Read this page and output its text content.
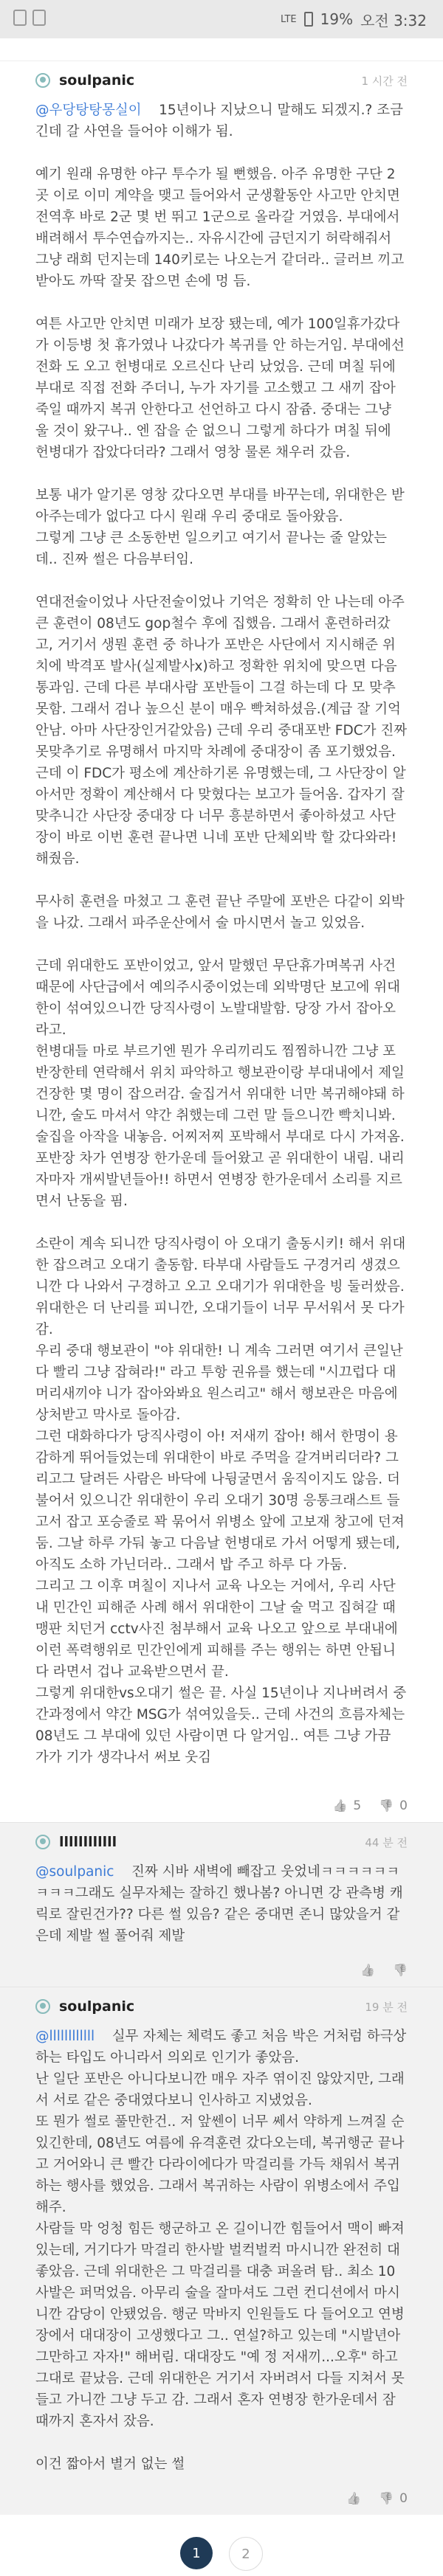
LTE 19% 오전 3:32
soulpanic	1 시간 전

@우당탕탕몽실이 15년이나 지났으니 말해도 되겠지.? 조금 긴데 갈 사연을 들어야 이해가 됨.

예기 원래 유명한 야구 투수가 될 뻔했음. 아주 유명한 구단 2곳 이로 이미 계약을 맺고 들어와서 군생활동안 사고만 안치면 전역후 바로 2군 몇 번 뛰고 1군으로 올라갈 거였음. 부대에서 배려해서 투수연습까지는.. 자유시간에 금던지기 허락해줘서 그냥 래희 던지는데 140키로는 나오는거 같더라.. 글러브 끼고 받아도 까딱 잘못 잡으면 손에 멍 듬.

여튼 사고만 안치면 미래가 보장 됐는데, 예가 100일휴가갔다가 이등병 첫 휴가였나 나갔다가 복귀를 안 하는거임. 부대에선 전화 도 오고 헌병대로 오르신다 난리 났었음. 근데 며칠 뒤에 부대로 직접 전화 주더니, 누가 자기를 고소했고 그 새끼 잡아죽일 때까지 복귀 안한다고 선언하고 다시 잠쥼. 중대는 그냥 울 것이 왔구나.. 엔 잡을 순 없으니 그렇게 하다가 며칠 뒤에 헌병대가 잡았다더라? 그래서 영창 물론 채우러 갔음.

보통 내가 알기론 영창 갔다오면 부대를 바꾸는데, 위대한은 받아주는데가 없다고 다시 원래 우리 중대로 돌아왔음.

그렇게 그냥 큰 소동한번 일으키고 여기서 끝나는 줄 알았는데.. 진짜 썰은 다음부터임.

연대전술이었나 사단전술이었나 기억은 정확히 안 나는데 아주 큰 훈련이 08년도 gop철수 후에 집했음. 그래서 훈련하러갔고, 거기서 생뭔 훈련 중 하나가 포반은 사단에서 지시해준 위치에 박격포 발사(실제발사x)하고 정확한 위치에 맞으면 다음 통과임. 근데 다른 부대사람 포반들이 그걸 하는데 다 모 맞추 못함. 그래서 검나 높으신 분이 매우 빡쳐하셨음.(계급 잘 기억안남. 아마 사단장인거같았음) 근데 우리 중대포반 FDC가 진짜 못맞추기로 유명해서 마지막 차례에 중대장이 좀 포기했었음. 근데 이 FDC가 평소에 계산하기론 유명했는데, 그 사단장이 알아서만 정확이 계산해서 다 맞혔다는 보고가 들어옴. 갑자기 잘 맞추니간 사단장 중대장 다 너무 흥분하면서 좋아하셨고 사단장이 바로 이번 훈련 끝나면 니네 포반 단체외박 할 갔다와라! 해줬음.

무사히 훈련을 마쳤고 그 훈련 끝난 주말에 포반은 다같이 외박을 나갔. 그래서 파주운산에서 술 마시면서 놀고 있었음.

근데 위대한도 포반이었고, 앞서 말했던 무단휴가며복귀 사건때문에 사단급에서 예의주시중이었는데 외박명단 보고에 위대한이 섞여있으니깐 당직사령이 노발대발함. 당장 가서 잡아오라고.

헌병대들 마로 부르기엔 뭔가 우리끼리도 찜찜하니깐 그냥 포반장한테 연락해서 위치 파악하고 행보관이랑 부대내에서 제일 건장한 몇 명이 잡으러감. 술집거서 위대한 너만 복귀해야돼 하니깐, 술도 마셔서 약간 취했는데 그런 말 들으니깐 빡치니봐. 술집을 아작을 내놓음. 어찌저찌 포박해서 부대로 다시 가져옴. 포반장 차가 연병장 한가운데 들어왔고 곧 위대한이 내림. 내리자마자 개씨발년들아!! 하면서 연병장 한가운데서 소리를 지르면서 난동을 핌.

소란이 계속 되니깐 당직사령이 아 오대기 출동시키! 해서 위대한 잡으려고 오대기 출동함. 타부대 사람들도 구경거리 생겼으니깐 다 나와서 구경하고 오고 오대기가 위대한을 빙 둘러쌌음. 위대한은 더 난리를 피니깐, 오대기들이 너무 무서워서 못 다가감.

우리 중대 행보관이 "야 위대한! 니 계속 그러면 여기서 큰일난다 빨리 그냥 잡혀라!" 라고 투항 권유를 했는데 "시끄럽다 대머리새끼야 니가 잡아와봐요 원스리고" 해서 행보관은 마음에 상처받고 막사로 돌아감.

그런 대화하다가 당직사령이 아! 저새끼 잡아! 해서 한명이 용감하게 뛰어들었는데 위대한이 바로 주먹을 갈겨버리더라? 그리고그 달려든 사람은 바닥에 나뒹굴면서 움직이지도 않음. 더 불어서 있으니간 위대한이 우리 오대기 30명 응통크래스트 들고서 잡고 포승줄로 꽉 묶어서 위병소 앞에 고보재 창고에 던져둠. 그날 하루 가둬 놓고 다음날 헌병대로 가서 어떻게 됐는데, 아직도 소하 가닌더라.. 그래서 밥 주고 하루 다 가둠.

그리고 그 이후 며칠이 지나서 교육 나오는 거에서, 우리 사단 내 민간인 피해준 사례 해서 위대한이 그날 술 먹고 집혀갈 때 맹판 치던거 cctv사진 첨부해서 교육 나오고 앞으로 부대내에 이런 폭력행위로 민간인에게 피해를 주는 행위는 하면 안됩니다 라면서 겁나 교육받으면서 끝.

그렇게 위대한vs오대기 썰은 끝. 사실 15년이나 지나버려서 중간과정에서 약간 MSG가 섞여있을듯.. 근데 사건의 흐름자체는 08년도 그 부대에 있던 사람이면 다 알거임.. 여튼 그냥 가끔 가가 기가 생각나서 써보 웃김

👍
5
👎	0
llllllllllll	44 분 전

@soulpanic 진짜 시바 새벽에 빼잡고 웃었네ㅋㅋㅋㅋㅋㅋㅋㅋㅋ그래도 실무자체는 잘하긴 했나봄? 아니면 강 관측병 캐릭로 잘린건가?? 다른 썰 있음? 같은 중대면 존니 많았을거 같은데 제발 썰 풀어줘 제발

👍
👎
soulpanic	19 분 전

@llllllllllll 실무 자체는 체력도 좋고 처음 박은 거처럼 하극상하는 타입도 아니라서 의외로 인기가 좋았음.

난 일단 포반은 아니다보니깐 매우 자주 엮이진 않았지만, 그래서 서로 같은 중대였다보니 인사하고 지냈었음.

또 뭔가 썰로 풀만한건.. 저 앞쎈이 너무 쎄서 약하게 느껴질 순 있긴한데, 08년도 여름에 유격훈련 갔다오는데, 복귀행군 끝나고 거어와니 큰 빨간 다라이에다가 막걸리를 가득 채워서 복귀하는 행사를 했었음. 그래서 복귀하는 사람이 위병소에서 주입해주.

사람들 막 엉청 힘든 행군하고 온 길이니깐 힘들어서 맥이 빠져있는데, 거기다가 막걸리 한사발 벌컥벌컥 마시니깐 완전히 대 좋았음. 근데 위대한은 그 막걸리를 대충 퍼올려 탐.. 최소 10사발은 퍼먹었음. 아무리 술을 잘마셔도 그런 컨디션에서 마시니깐 감당이 안됐었음. 행군 막바지 인원들도 다 들어오고 연병장에서 대대장이 고생했다고 그.. 연설?하고 있는데 "시발년아 그만하고 자자!" 해버림. 대대장도 "예 정 저새끼...오후" 하고 그대로 끝났음. 근데 위대한은 거기서 자버려서 다들 지쳐서 못 들고 가니깐 그냥 두고 감. 그래서 혼자 연병장 한가운데서 잠 때까지 혼자서 잤음.

이건 짧아서 별거 없는 썰

👍
👎
0
1	2
